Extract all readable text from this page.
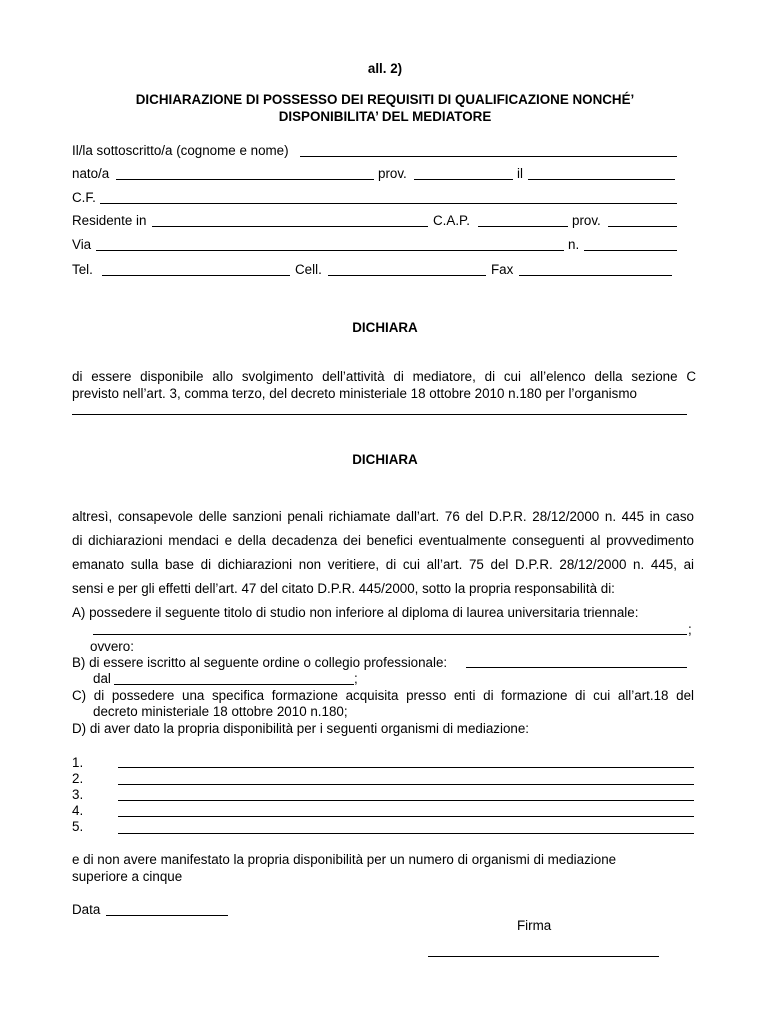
all. 2)
DICHIARAZIONE DI POSSESSO DEI REQUISITI DI QUALIFICAZIONE NONCHÉ’
DISPONIBILITA’ DEL MEDIATORE
Il/la sottoscritto/a (cognome e nome)
nato/a	prov.	il
C.F.
Residente in	C.A.P.	prov.
Via	n.
Tel.	Cell.	Fax
DICHIARA
di essere disponibile allo svolgimento dell’attività di mediatore, di cui all’elenco della sezione C
previsto nell’art. 3, comma terzo, del decreto ministeriale 18 ottobre 2010 n.180 per l’organismo
DICHIARA
altresì, consapevole delle sanzioni penali richiamate dall’art. 76 del D.P.R. 28/12/2000 n. 445 in caso
di dichiarazioni mendaci e della decadenza dei benefici eventualmente conseguenti al provvedimento
emanato sulla base di dichiarazioni non veritiere, di cui all’art. 75 del D.P.R. 28/12/2000 n. 445, ai
sensi e per gli effetti dell’art. 47 del citato D.P.R. 445/2000, sotto la propria responsabilità di:
A) possedere il seguente titolo di studio non inferiore al diploma di laurea universitaria triennale:
;
ovvero:
B) di essere iscritto al seguente ordine o collegio professionale:
dal	;
C) di possedere una specifica formazione acquisita presso enti di formazione di cui all’art.18 del
decreto ministeriale 18 ottobre 2010 n.180;
D) di aver dato la propria disponibilità per i seguenti organismi di mediazione:
1.
2.
3.
4.
5.
e di non avere manifestato la propria disponibilità per un numero di organismi di mediazione
superiore a cinque
Data
Firma
